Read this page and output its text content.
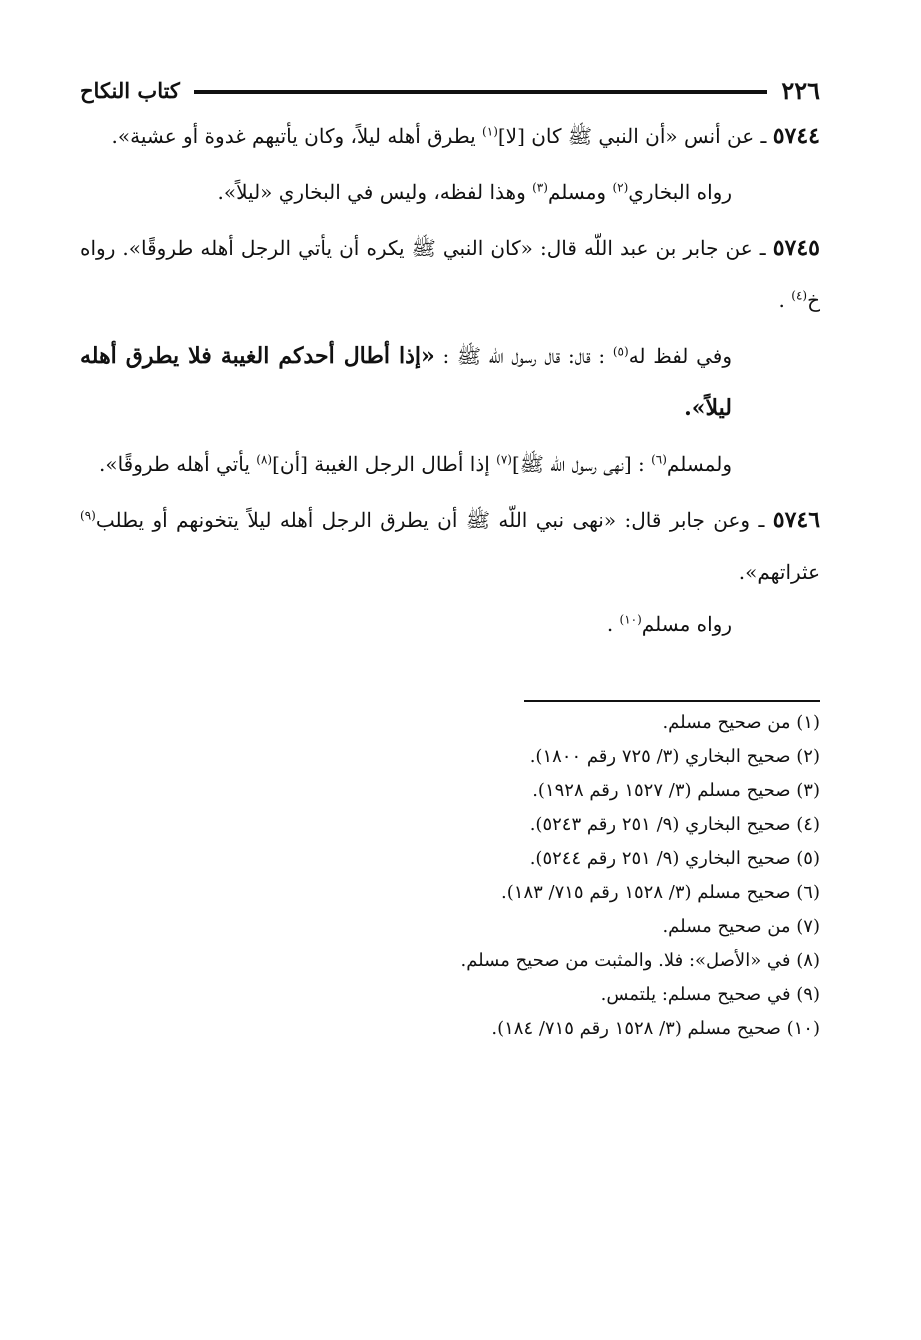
٢٢٦
كتاب النكاح

٥٧٤٤ ـ عن أنس «أن النبي ﷺ كان [لا]$^{(١)}$ يطرق أهله ليلاً، وكان يأتيهم غدوة أو عشية».

رواه البخاري$^{(٢)}$ ومسلم$^{(٣)}$ وهذا لفظه، وليس في البخاري «ليلاً».

٥٧٤٥ ـ عن جابر بن عبد اللّه قال: «كان النبي ﷺ يكره أن يأتي الرجل أهله طروقًا». رواه خ$^{(٤)}$ .

وفي لفظ له$^{(٥)}$ : قال: قال رسول اللّه ﷺ : «إذا أطال أحدكم الغيبة فلا يطرق أهله ليلاً».

ولمسلم$^{(٦)}$ : [نهى رسول اللّه ﷺ]$^{(٧)}$ إذا أطال الرجل الغيبة [أن]$^{(٨)}$ يأتي أهله طروقًا».

٥٧٤٦ ـ وعن جابر قال: «نهى نبي اللّه ﷺ أن يطرق الرجل أهله ليلاً يتخونهم أو يطلب$^{(٩)}$ عثراتهم».

رواه مسلم$^{(١٠)}$ .

(١) من صحيح مسلم.

(٢) صحيح البخاري (٣/ ٧٢٥ رقم ١٨٠٠).

(٣) صحيح مسلم (٣/ ١٥٢٧ رقم ١٩٢٨).

(٤) صحيح البخاري (٩/ ٢٥١ رقم ٥٢٤٣).

(٥) صحيح البخاري (٩/ ٢٥١ رقم ٥٢٤٤).

(٦) صحيح مسلم (٣/ ١٥٢٨ رقم ٧١٥/ ١٨٣).

(٧) من صحيح مسلم.

(٨) في «الأصل»: فلا. والمثبت من صحيح مسلم.

(٩) في صحيح مسلم: يلتمس.

(١٠) صحيح مسلم (٣/ ١٥٢٨ رقم ٧١٥/ ١٨٤).
